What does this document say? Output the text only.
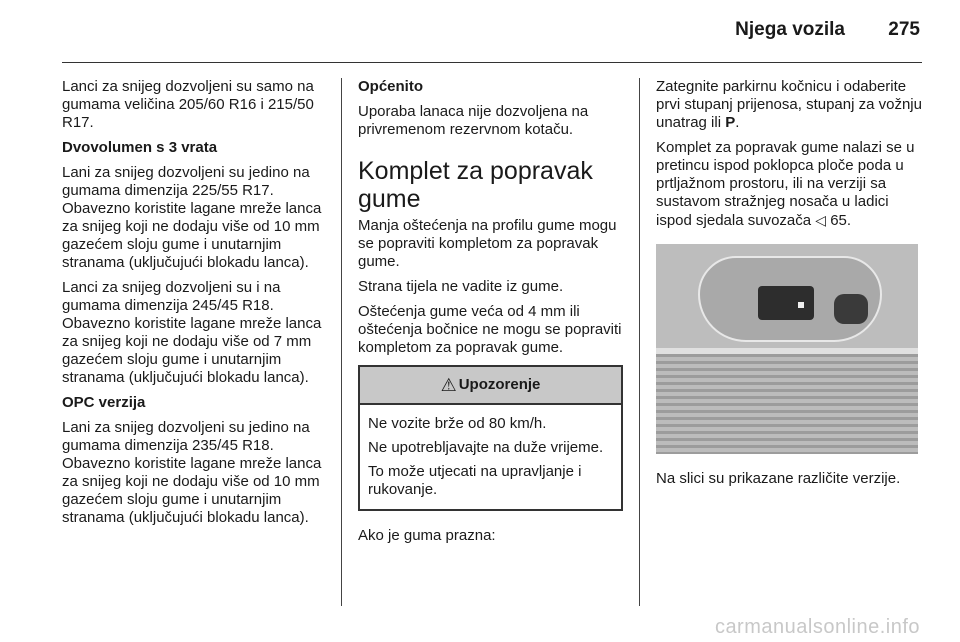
Njega vozila 275

Lanci za snijeg dozvoljeni su samo na gumama veličina 205/60 R16 i 215/50 R17.

Dvovolumen s 3 vrata

Lani za snijeg dozvoljeni su jedino na gumama dimenzija 225/55 R17. Obavezno koristite lagane mreže lanca za snijeg koji ne dodaju više od 10 mm gazećem sloju gume i unutarnjim stranama (uključujući blokadu lanca).

Lanci za snijeg dozvoljeni su i na gumama dimenzija 245/45 R18. Obavezno koristite lagane mreže lanca za snijeg koji ne dodaju više od 7 mm gazećem sloju gume i unutarnjim stranama (uključujući blokadu lanca).

OPC verzija

Lani za snijeg dozvoljeni su jedino na gumama dimenzija 235/45 R18. Obavezno koristite lagane mreže lanca za snijeg koji ne dodaju više od 10 mm gazećem sloju gume i unutarnjim stranama (uključujući blokadu lanca).

Općenito

Uporaba lanaca nije dozvoljena na privremenom rezervnom kotaču.

Komplet za popravak gume

Manja oštećenja na profilu gume mogu se popraviti kompletom za popravak gume.

Strana tijela ne vadite iz gume.

Oštećenja gume veća od 4 mm ili oštećenja bočnice ne mogu se popraviti kompletom za popravak gume.

⚠ Upozorenje

Ne vozite brže od 80 km/h.

Ne upotrebljavajte na duže vrijeme.

To može utjecati na upravljanje i rukovanje.

Ako je guma prazna:

Zategnite parkirnu kočnicu i odaberite prvi stupanj prijenosa, stupanj za vožnju unatrag ili P.

Komplet za popravak gume nalazi se u pretincu ispod poklopca ploče poda u prtljažnom prostoru, ili na verziji sa sustavom stražnjeg nosača u ladici ispod sjedala suvozača ◁ 65.

Na slici su prikazane različite verzije.

carmanualsonline.info
